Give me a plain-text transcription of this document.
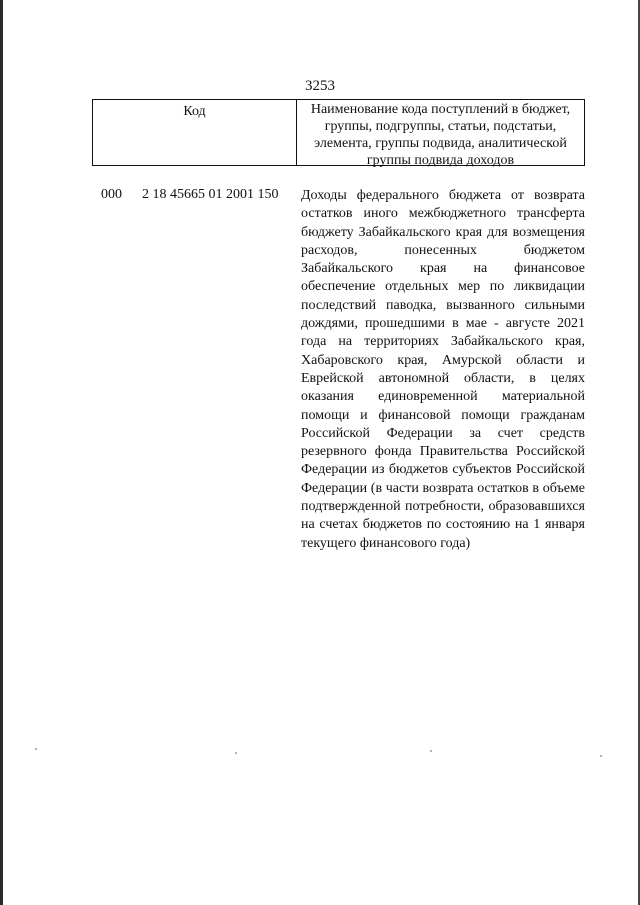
3253
Код	Наименование кода поступлений в бюджет, группы, подгруппы, статьи, подстатьи, элемента, группы подвида, аналитической группы подвида доходов
000 2 18 45665 01 2001 150 Доходы федерального бюджета от возврата остатков иного межбюджетного трансферта бюджету Забайкальского края для возмещения расходов, понесенных бюджетом Забайкальского края на финансовое обеспечение отдельных мер по ликвидации последствий паводка, вызванного сильными дождями, прошедшими в мае - августе 2021 года на территориях Забайкальского края, Хабаровского края, Амурской области и Еврейской автономной области, в целях оказания единовременной материальной помощи и финансовой помощи гражданам Российской Федерации за счет средств резервного фонда Правительства Российской Федерации из бюджетов субъектов Российской Федерации (в части возврата остатков в объеме подтвержденной потребности, образовавшихся на счетах бюджетов по состоянию на 1 января текущего финансового года)
